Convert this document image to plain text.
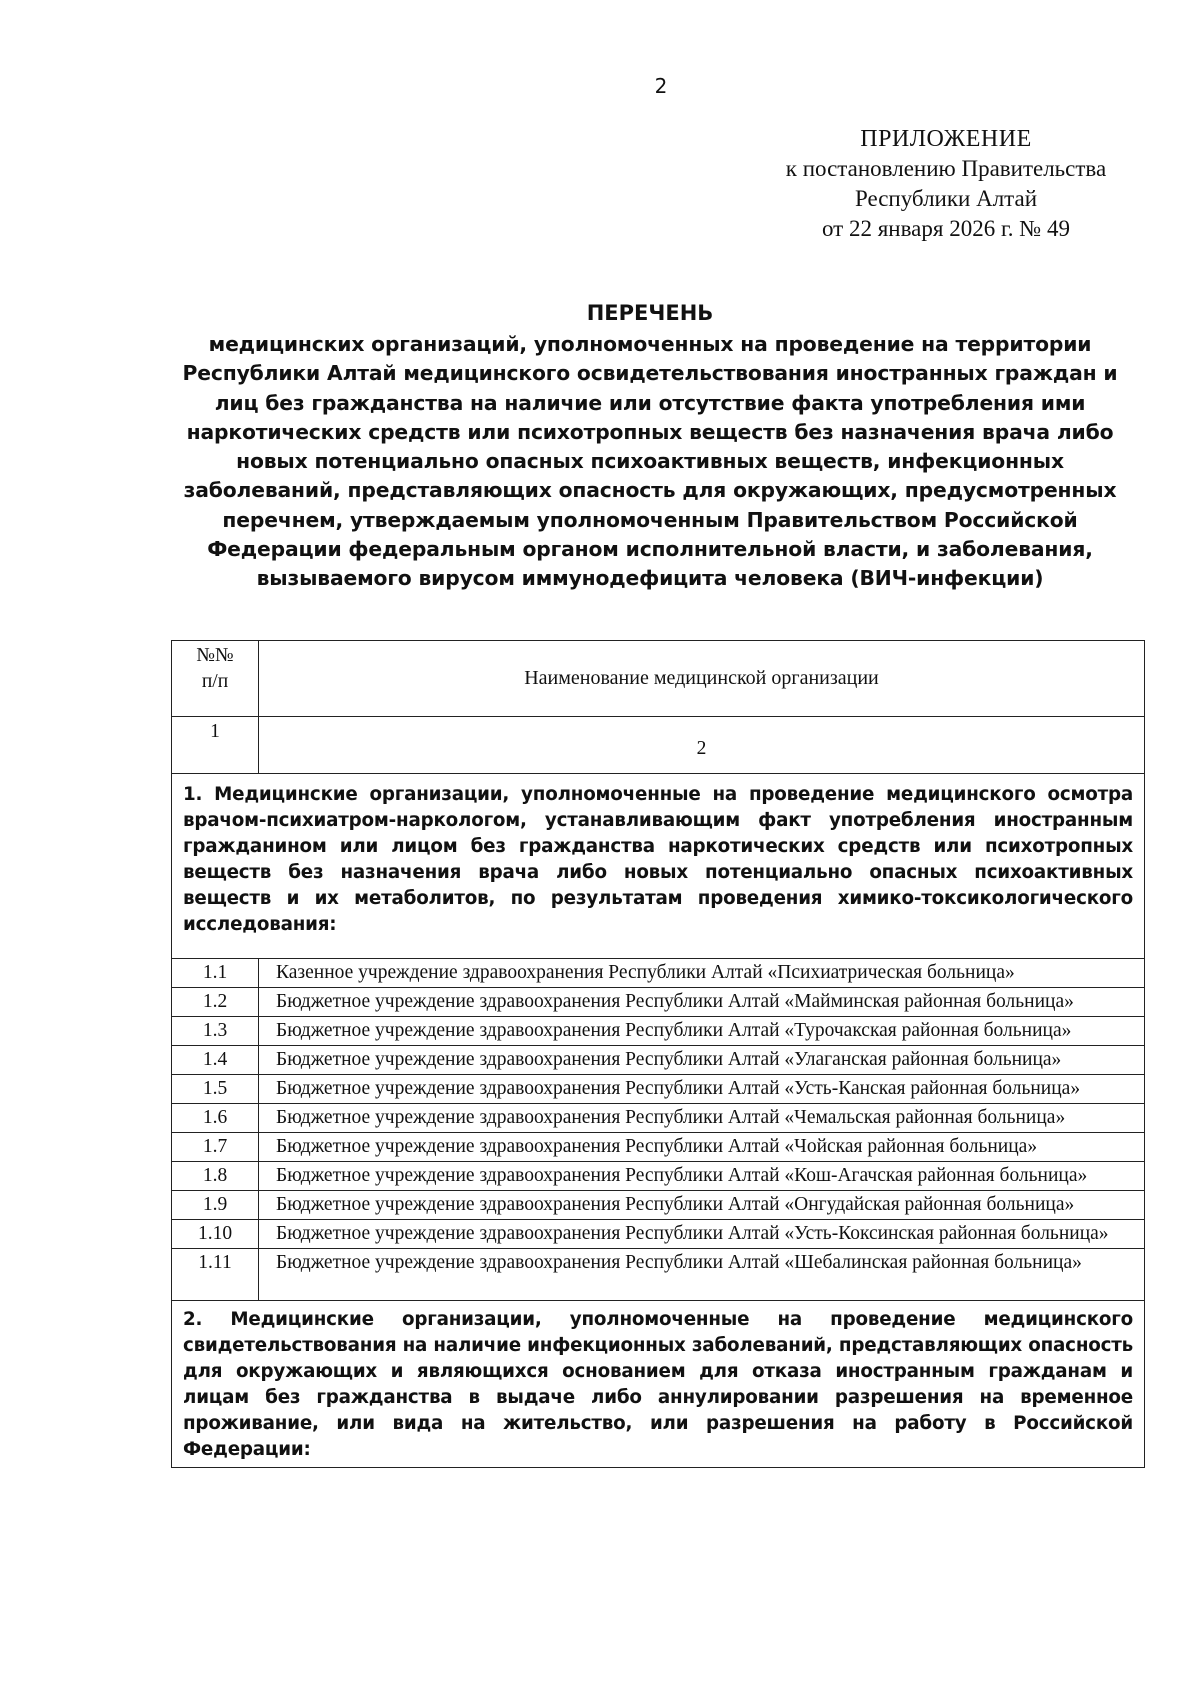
2
ПРИЛОЖЕНИЕ
к постановлению Правительства
Республики Алтай
от 22 января 2026 г. № 49
ПЕРЕЧЕНЬ
медицинских организаций, уполномоченных на проведение на территории Республики Алтай медицинского освидетельствования иностранных граждан и лиц без гражданства на наличие или отсутствие факта употребления ими наркотических средств или психотропных веществ без назначения врача либо новых потенциально опасных психоактивных веществ, инфекционных заболеваний, представляющих опасность для окружающих, предусмотренных перечнем, утверждаемым уполномоченным Правительством Российской Федерации федеральным органом исполнительной власти, и заболевания, вызываемого вирусом иммунодефицита человека (ВИЧ-инфекции)
№№
п/п	Наименование медицинской организации
1	2
1. Медицинские организации, уполномоченные на проведение медицинского осмотра врачом-психиатром-наркологом, устанавливающим факт употребления иностранным гражданином или лицом без гражданства наркотических средств или психотропных веществ без назначения врача либо новых потенциально опасных психоактивных веществ и их метаболитов, по результатам проведения химико-токсикологического исследования:	
1.1	Казенное учреждение здравоохранения Республики Алтай «Психиатрическая больница»
1.2	Бюджетное учреждение здравоохранения Республики Алтай «Майминская районная больница»
1.3	Бюджетное учреждение здравоохранения Республики Алтай «Турочакская районная больница»
1.4	Бюджетное учреждение здравоохранения Республики Алтай «Улаганская районная больница»
1.5	Бюджетное учреждение здравоохранения Республики Алтай «Усть-Канская районная больница»
1.6	Бюджетное учреждение здравоохранения Республики Алтай «Чемальская районная больница»
1.7	Бюджетное учреждение здравоохранения Республики Алтай «Чойская районная больница»
1.8	Бюджетное учреждение здравоохранения Республики Алтай «Кош-Агачская районная больница»
1.9	Бюджетное учреждение здравоохранения Республики Алтай «Онгудайская районная больница»
1.10	Бюджетное учреждение здравоохранения Республики Алтай «Усть-Коксинская районная больница»
1.11	Бюджетное учреждение здравоохранения Республики Алтай «Шебалинская районная больница»
2. Медицинские организации, уполномоченные на проведение медицинского свидетельствования на наличие инфекционных заболеваний, представляющих опасность для окружающих и являющихся основанием для отказа иностранным гражданам и лицам без гражданства в выдаче либо аннулировании разрешения на временное проживание, или вида на жительство, или разрешения на работу в Российской Федерации:	
